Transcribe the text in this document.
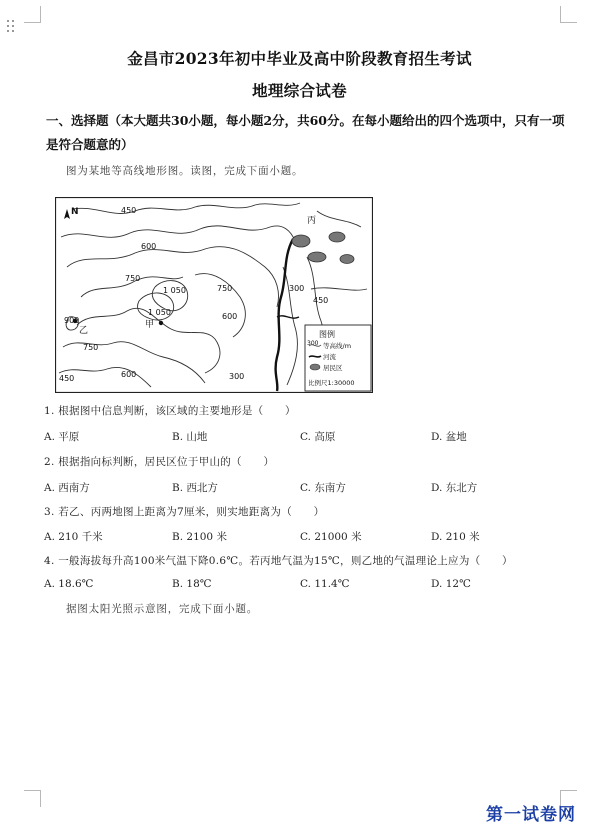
金昌市2023年初中毕业及高中阶段教育招生考试
地理综合试卷
一、选择题（本大题共30小题，每小题2分，共60分。在每小题给出的四个选项中，只有一项是符合题意的）
图为某地等高线地形图。读图，完成下面小题。
N	450
600
750
1 050
1 050
750
600
900
750
600
450
300
450
300
甲
乙
丙
图例
300 等高线/m
河流
居民区
比例尺1:30000
1. 根据图中信息判断，该区域的主要地形是（　　）
A. 平原	B. 山地	C. 高原	D. 盆地
2. 根据指向标判断，居民区位于甲山的（　　）
A. 西南方	B. 西北方	C. 东南方	D. 东北方
3. 若乙、丙两地图上距离为7厘米，则实地距离为（　　）
A. 210 千米	B. 2100 米	C. 21000 米	D. 210 米
4. 一般海拔每升高100米气温下降0.6℃。若丙地气温为15℃，则乙地的气温理论上应为（　　）
A. 18.6℃	B. 18℃	C. 11.4℃	D. 12℃
据图太阳光照示意图，完成下面小题。
第一试卷网
